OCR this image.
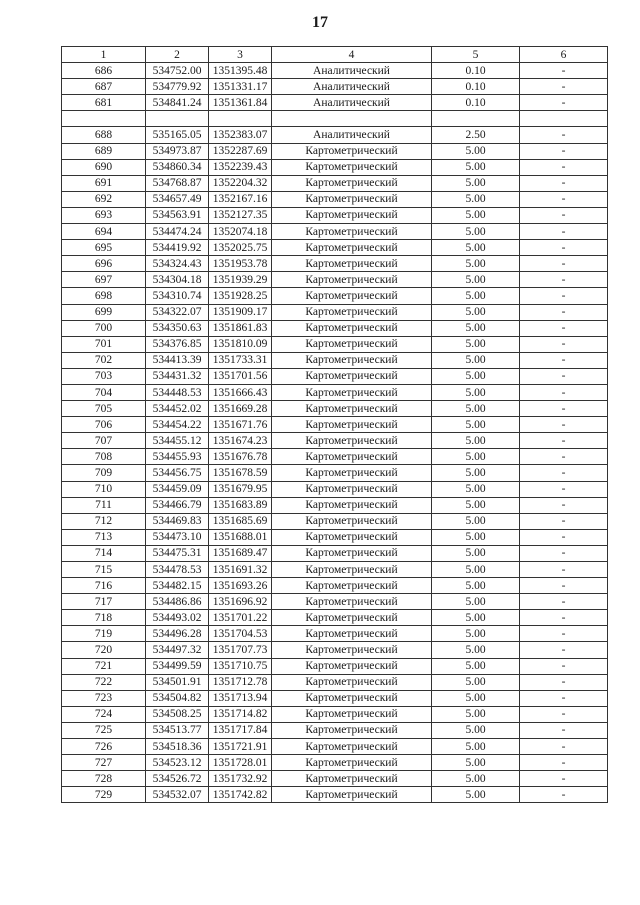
17
1	2	3	4	5	6
686	534752.00	1351395.48	Аналитический	0.10	-
687	534779.92	1351331.17	Аналитический	0.10	-
681	534841.24	1351361.84	Аналитический	0.10	-

688	535165.05	1352383.07	Аналитический	2.50	-
689	534973.87	1352287.69	Картометрический	5.00	-
690	534860.34	1352239.43	Картометрический	5.00	-
691	534768.87	1352204.32	Картометрический	5.00	-
692	534657.49	1352167.16	Картометрический	5.00	-
693	534563.91	1352127.35	Картометрический	5.00	-
694	534474.24	1352074.18	Картометрический	5.00	-
695	534419.92	1352025.75	Картометрический	5.00	-
696	534324.43	1351953.78	Картометрический	5.00	-
697	534304.18	1351939.29	Картометрический	5.00	-
698	534310.74	1351928.25	Картометрический	5.00	-
699	534322.07	1351909.17	Картометрический	5.00	-
700	534350.63	1351861.83	Картометрический	5.00	-
701	534376.85	1351810.09	Картометрический	5.00	-
702	534413.39	1351733.31	Картометрический	5.00	-
703	534431.32	1351701.56	Картометрический	5.00	-
704	534448.53	1351666.43	Картометрический	5.00	-
705	534452.02	1351669.28	Картометрический	5.00	-
706	534454.22	1351671.76	Картометрический	5.00	-
707	534455.12	1351674.23	Картометрический	5.00	-
708	534455.93	1351676.78	Картометрический	5.00	-
709	534456.75	1351678.59	Картометрический	5.00	-
710	534459.09	1351679.95	Картометрический	5.00	-
711	534466.79	1351683.89	Картометрический	5.00	-
712	534469.83	1351685.69	Картометрический	5.00	-
713	534473.10	1351688.01	Картометрический	5.00	-
714	534475.31	1351689.47	Картометрический	5.00	-
715	534478.53	1351691.32	Картометрический	5.00	-
716	534482.15	1351693.26	Картометрический	5.00	-
717	534486.86	1351696.92	Картометрический	5.00	-
718	534493.02	1351701.22	Картометрический	5.00	-
719	534496.28	1351704.53	Картометрический	5.00	-
720	534497.32	1351707.73	Картометрический	5.00	-
721	534499.59	1351710.75	Картометрический	5.00	-
722	534501.91	1351712.78	Картометрический	5.00	-
723	534504.82	1351713.94	Картометрический	5.00	-
724	534508.25	1351714.82	Картометрический	5.00	-
725	534513.77	1351717.84	Картометрический	5.00	-
726	534518.36	1351721.91	Картометрический	5.00	-
727	534523.12	1351728.01	Картометрический	5.00	-
728	534526.72	1351732.92	Картометрический	5.00	-
729	534532.07	1351742.82	Картометрический	5.00	-
